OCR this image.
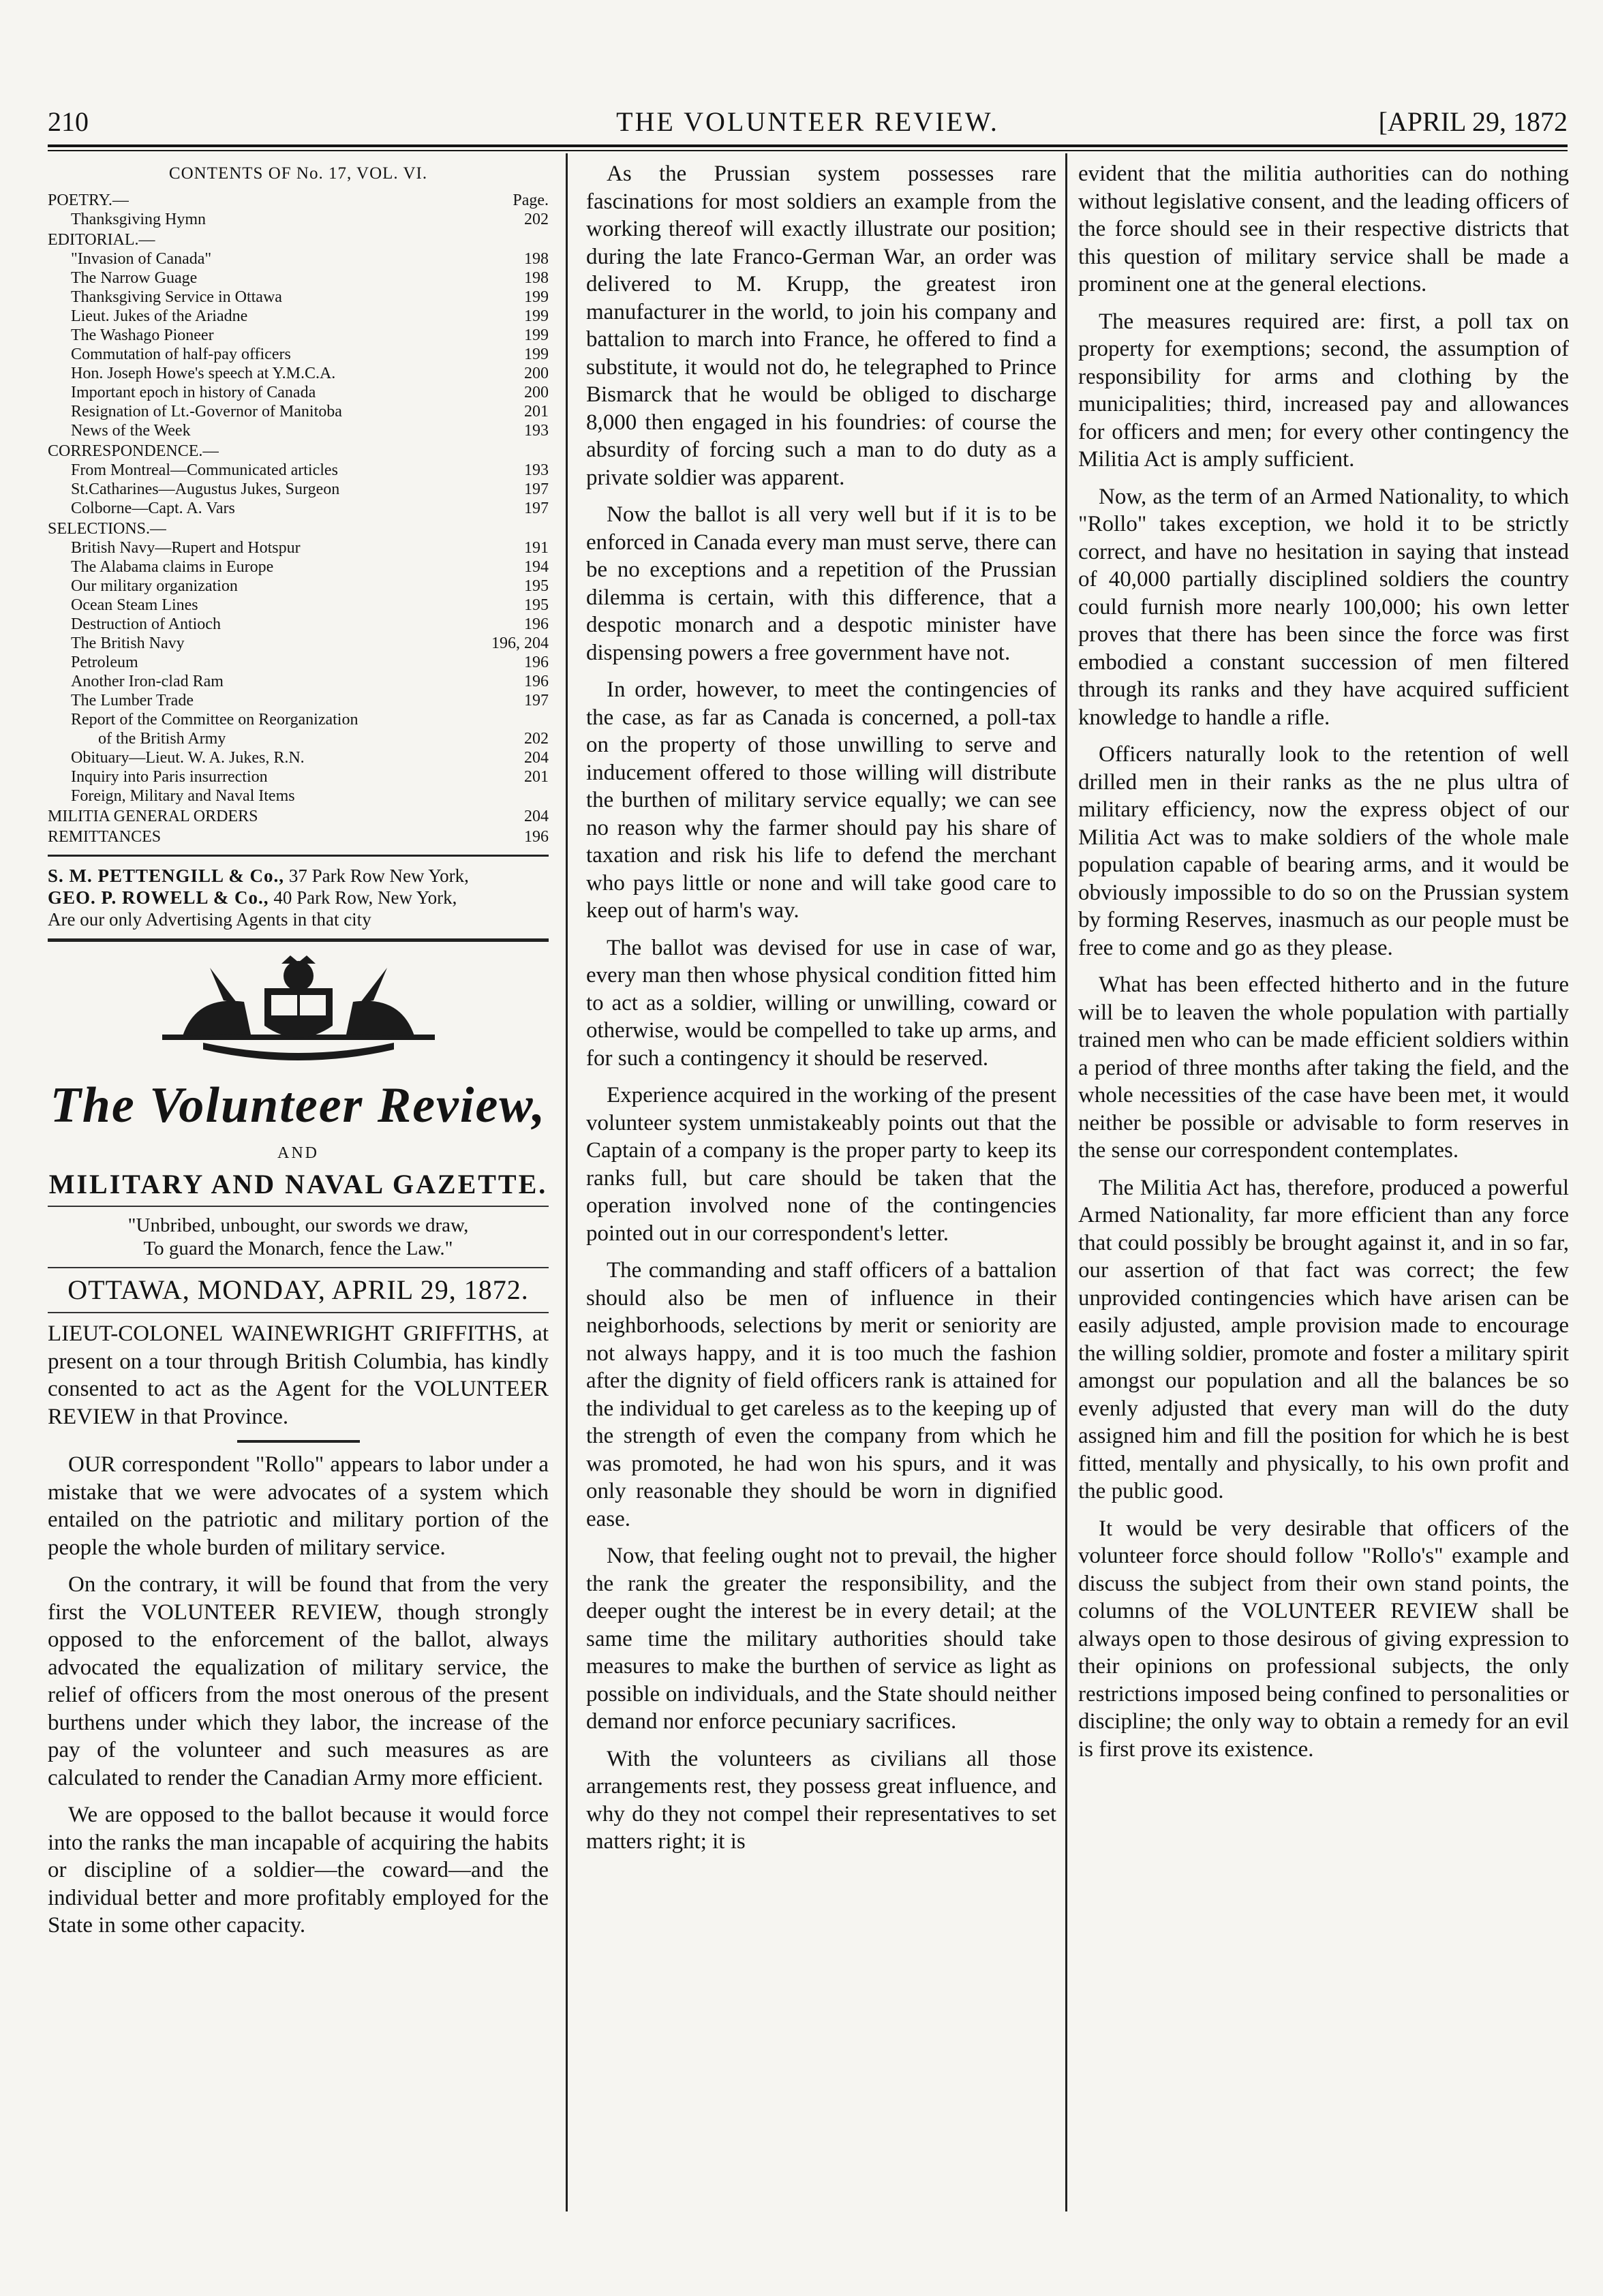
210	THE VOLUNTEER REVIEW.	[APRIL 29, 1872
CONTENTS OF No. 17, VOL. VI.
POETRY.—	Page.
Thanksgiving Hymn	202
EDITORIAL.—
"Invasion of Canada"	198
The Narrow Guage	198
Thanksgiving Service in Ottawa	199
Lieut. Jukes of the Ariadne	199
The Washago Pioneer	199
Commutation of half-pay officers	199
Hon. Joseph Howe's speech at Y.M.C.A.	200
Important epoch in history of Canada	200
Resignation of Lt.-Governor of Manitoba	201
News of the Week	193
CORRESPONDENCE.—
From Montreal—Communicated articles	193
St.Catharines—Augustus Jukes, Surgeon	197
Colborne—Capt. A. Vars	197
SELECTIONS.—
British Navy—Rupert and Hotspur	191
The Alabama claims in Europe	194
Our military organization	195
Ocean Steam Lines	195
Destruction of Antioch	196
The British Navy	196, 204
Petroleum	196
Another Iron-clad Ram	196
The Lumber Trade	197
Report of the Committee on Reorganization
of the British Army	202
Obituary—Lieut. W. A. Jukes, R.N.	204
Inquiry into Paris insurrection	201
Foreign, Military and Naval Items
MILITIA GENERAL ORDERS	204
REMITTANCES	196
S. M. PETTENGILL & Co., 37 Park Row New York,
GEO. P. ROWELL & Co., 40 Park Row, New York,
Are our only Advertising Agents in that city
The Volunteer Review,
AND
MILITARY AND NAVAL GAZETTE.
"Unbribed, unbought, our swords we draw,
To guard the Monarch, fence the Law."
OTTAWA, MONDAY, APRIL 29, 1872.

LIEUT-COLONEL WAINEWRIGHT GRIFFITHS, at present on a tour through British Columbia, has kindly consented to act as the Agent for the VOLUNTEER REVIEW in that Province.

OUR correspondent "Rollo" appears to labor under a mistake that we were advocates of a system which entailed on the patriotic and military portion of the people the whole burden of military service.

On the contrary, it will be found that from the very first the VOLUNTEER REVIEW, though strongly opposed to the enforcement of the ballot, always advocated the equalization of military service, the relief of officers from the most onerous of the present burthens under which they labor, the increase of the pay of the volunteer and such measures as are calculated to render the Canadian Army more efficient.

We are opposed to the ballot because it would force into the ranks the man incapable of acquiring the habits or discipline of a soldier—the coward—and the individual better and more profitably employed for the State in some other capacity.

As the Prussian system possesses rare fascinations for most soldiers an example from the working thereof will exactly illustrate our position; during the late Franco-German War, an order was delivered to M. Krupp, the greatest iron manufacturer in the world, to join his company and battalion to march into France, he offered to find a substitute, it would not do, he telegraphed to Prince Bismarck that he would be obliged to discharge 8,000 then engaged in his foundries: of course the absurdity of forcing such a man to do duty as a private soldier was apparent.

Now the ballot is all very well but if it is to be enforced in Canada every man must serve, there can be no exceptions and a repetition of the Prussian dilemma is certain, with this difference, that a despotic monarch and a despotic minister have dispensing powers a free government have not.

In order, however, to meet the contingencies of the case, as far as Canada is concerned, a poll-tax on the property of those unwilling to serve and inducement offered to those willing will distribute the burthen of military service equally; we can see no reason why the farmer should pay his share of taxation and risk his life to defend the merchant who pays little or none and will take good care to keep out of harm's way.

The ballot was devised for use in case of war, every man then whose physical condition fitted him to act as a soldier, willing or unwilling, coward or otherwise, would be compelled to take up arms, and for such a contingency it should be reserved.

Experience acquired in the working of the present volunteer system unmistakeably points out that the Captain of a company is the proper party to keep its ranks full, but care should be taken that the operation involved none of the contingencies pointed out in our correspondent's letter.

The commanding and staff officers of a battalion should also be men of influence in their neighborhoods, selections by merit or seniority are not always happy, and it is too much the fashion after the dignity of field officers rank is attained for the individual to get careless as to the keeping up of the strength of even the company from which he was promoted, he had won his spurs, and it was only reasonable they should be worn in dignified ease.

Now, that feeling ought not to prevail, the higher the rank the greater the responsibility, and the deeper ought the interest be in every detail; at the same time the military authorities should take measures to make the burthen of service as light as possible on individuals, and the State should neither demand nor enforce pecuniary sacrifices.

With the volunteers as civilians all those arrangements rest, they possess great influence, and why do they not compel their representatives to set matters right; it is

evident that the militia authorities can do nothing without legislative consent, and the leading officers of the force should see in their respective districts that this question of military service shall be made a prominent one at the general elections.

The measures required are: first, a poll tax on property for exemptions; second, the assumption of responsibility for arms and clothing by the municipalities; third, increased pay and allowances for officers and men; for every other contingency the Militia Act is amply sufficient.

Now, as the term of an Armed Nationality, to which "Rollo" takes exception, we hold it to be strictly correct, and have no hesitation in saying that instead of 40,000 partially disciplined soldiers the country could furnish more nearly 100,000; his own letter proves that there has been since the force was first embodied a constant succession of men filtered through its ranks and they have acquired sufficient knowledge to handle a rifle.

Officers naturally look to the retention of well drilled men in their ranks as the ne plus ultra of military efficiency, now the express object of our Militia Act was to make soldiers of the whole male population capable of bearing arms, and it would be obviously impossible to do so on the Prussian system by forming Reserves, inasmuch as our people must be free to come and go as they please.

What has been effected hitherto and in the future will be to leaven the whole population with partially trained men who can be made efficient soldiers within a period of three months after taking the field, and the whole necessities of the case have been met, it would neither be possible or advisable to form reserves in the sense our correspondent contemplates.

The Militia Act has, therefore, produced a powerful Armed Nationality, far more efficient than any force that could possibly be brought against it, and in so far, our assertion of that fact was correct; the few unprovided contingencies which have arisen can be easily adjusted, ample provision made to encourage the willing soldier, promote and foster a military spirit amongst our population and all the balances be so evenly adjusted that every man will do the duty assigned him and fill the position for which he is best fitted, mentally and physically, to his own profit and the public good.

It would be very desirable that officers of the volunteer force should follow "Rollo's" example and discuss the subject from their own stand points, the columns of the VOLUNTEER REVIEW shall be always open to those desirous of giving expression to their opinions on professional subjects, the only restrictions imposed being confined to personalities or discipline; the only way to obtain a remedy for an evil is first prove its existence.
